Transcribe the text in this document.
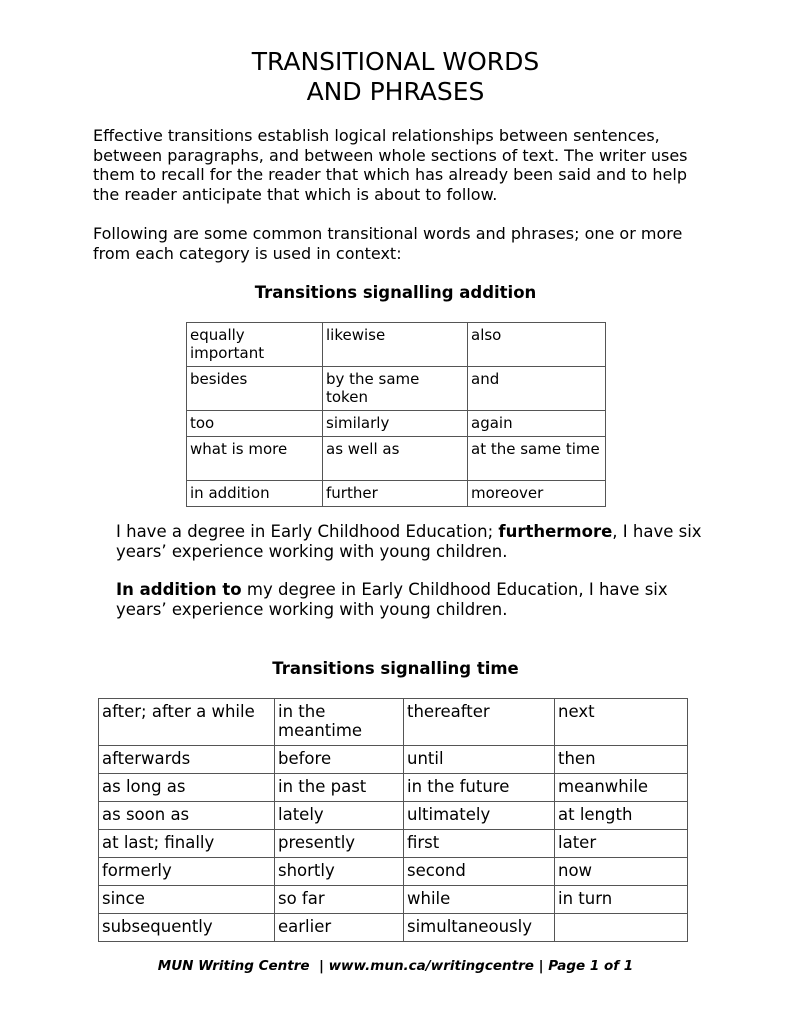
TRANSITIONAL WORDS
AND PHRASES
Effective transitions establish logical relationships between sentences, between paragraphs, and between whole sections of text. The writer uses them to recall for the reader that which has already been said and to help the reader anticipate that which is about to follow.
Following are some common transitional words and phrases; one or more from each category is used in context:
Transitions signalling addition
equally important	likewise	also
besides	by the same token	and
too	similarly	again
what is more	as well as	at the same time
in addition	further	moreover
I have a degree in Early Childhood Education; furthermore, I have six years’ experience working with young children.
In addition to my degree in Early Childhood Education, I have six years’ experience working with young children.
Transitions signalling time
after; after a while	in the meantime	thereafter	next
afterwards	before	until	then
as long as	in the past	in the future	meanwhile
as soon as	lately	ultimately	at length
at last; finally	presently	first	later
formerly	shortly	second	now
since	so far	while	in turn
subsequently	earlier	simultaneously	
MUN Writing Centre  | www.mun.ca/writingcentre | Page 1 of 1
